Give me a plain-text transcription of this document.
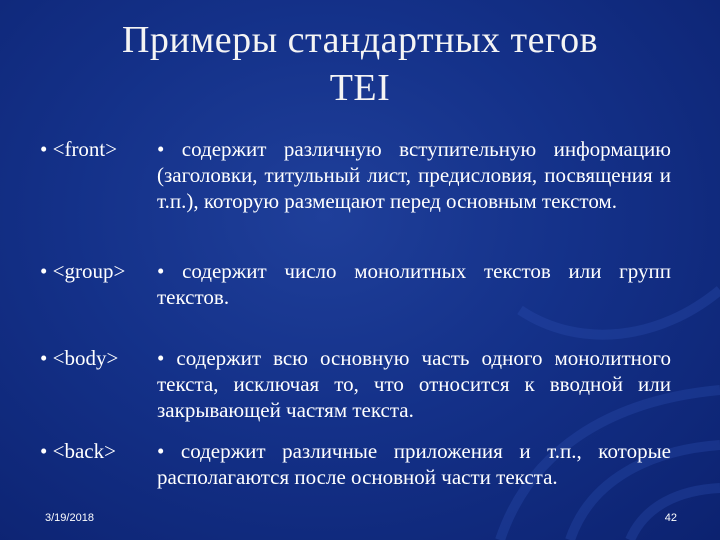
Примеры стандартных тегов
TEI
• <front> • содержит различную вступительную информацию (заголовки, титульный лист, предисловия, посвящения и т.п.), которую размещают перед основным текстом.
• <group> • содержит число монолитных текстов или групп текстов.
• <body> • содержит всю основную часть одного монолитного текста, исключая то, что относится к вводной или закрывающей частям текста.
• <back> • содержит различные приложения и т.п., которые располагаются после основной части текста.
3/19/2018	42
